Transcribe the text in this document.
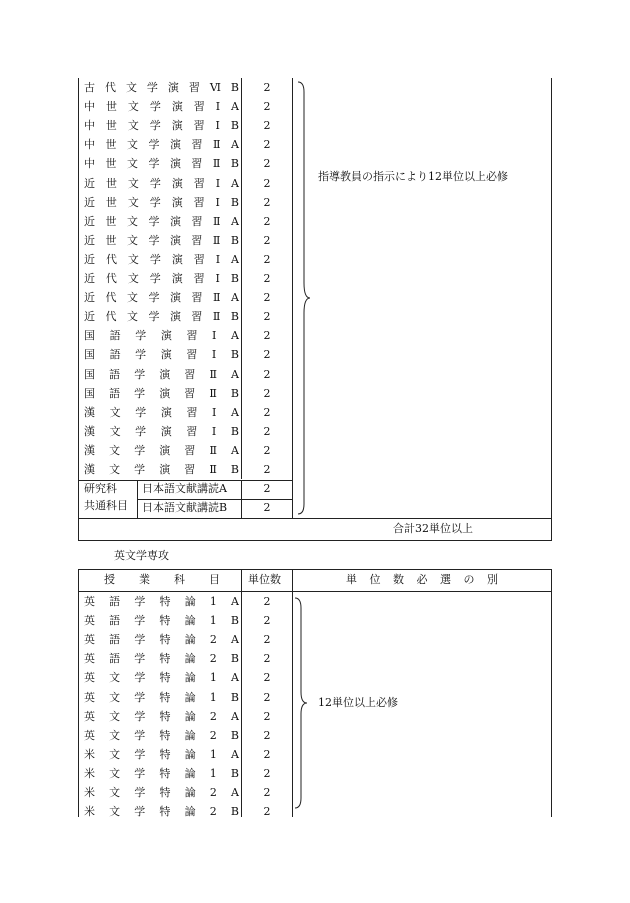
古 代 文 学 演 習 Ⅵ B	2
中 世 文 学 演 習 Ⅰ A	2
中 世 文 学 演 習 Ⅰ B	2
中 世 文 学 演 習 Ⅱ A	2
中 世 文 学 演 習 Ⅱ B	2
近 世 文 学 演 習 Ⅰ A	2
近 世 文 学 演 習 Ⅰ B	2
近 世 文 学 演 習 Ⅱ A	2
近 世 文 学 演 習 Ⅱ B	2
近 代 文 学 演 習 Ⅰ A	2
近 代 文 学 演 習 Ⅰ B	2
近 代 文 学 演 習 Ⅱ A	2
近 代 文 学 演 習 Ⅱ B	2
国 語 学 演 習 Ⅰ A	2
国 語 学 演 習 Ⅰ B	2
国 語 学 演 習 Ⅱ A	2
国 語 学 演 習 Ⅱ B	2
漢 文 学 演 習 Ⅰ A	2
漢 文 学 演 習 Ⅰ B	2
漢 文 学 演 習 Ⅱ A	2
漢 文 学 演 習 Ⅱ B	2
研究科
共通科目
日本語文献講読A	2
日本語文献講読B	2
指導教員の指示により12単位以上必修
合計32単位以上
英文学専攻
授 業 科 目	単位数	単 位 数 必 選 の 別
英 語 学 特 論 1 A	2
英 語 学 特 論 1 B	2
英 語 学 特 論 2 A	2
英 語 学 特 論 2 B	2
英 文 学 特 論 1 A	2
英 文 学 特 論 1 B	2
英 文 学 特 論 2 A	2
英 文 学 特 論 2 B	2
米 文 学 特 論 1 A	2
米 文 学 特 論 1 B	2
米 文 学 特 論 2 A	2
米 文 学 特 論 2 B	2
12単位以上必修
